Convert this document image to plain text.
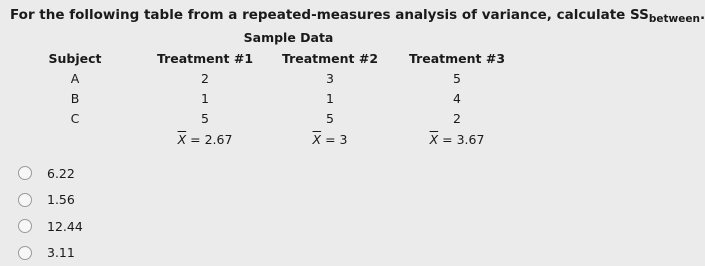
For the following table from a repeated-measures analysis of variance, calculate $SS_{between}$.
Sample Data
Subject
A
B
C
Treatment #1
2
1
5
$\overline{X} = 2.67$
Treatment #2
3
1
5
$\overline{X} = 3$
Treatment #3
5
4
2
$\overline{X} = 3.67$
6.22
1.56
12.44
3.11
